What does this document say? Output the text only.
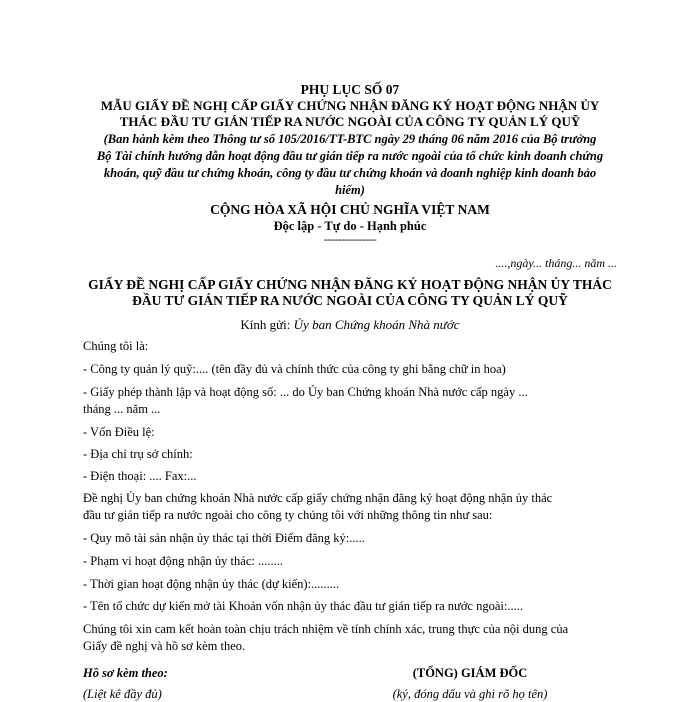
PHỤ LỤC SỐ 07
MẪU GIẤY ĐỀ NGHỊ CẤP GIẤY CHỨNG NHẬN ĐĂNG KÝ HOẠT ĐỘNG NHẬN ỦY
THÁC ĐẦU TƯ GIÁN TIẾP RA NƯỚC NGOÀI CỦA CÔNG TY QUẢN LÝ QUỸ
(Ban hành kèm theo Thông tư số 105/2016/TT-BTC ngày 29 tháng 06 năm 2016 của Bộ trưởng
Bộ Tài chính hướng dẫn hoạt động đầu tư gián tiếp ra nước ngoài của tổ chức kinh doanh chứng
khoán, quỹ đầu tư chứng khoán, công ty đầu tư chứng khoán và doanh nghiệp kinh doanh bảo
hiểm)
CỘNG HÒA XÃ HỘI CHỦ NGHĨA VIỆT NAM
Độc lập - Tự do - Hạnh phúc
---------------
....,ngày... tháng... năm ...
GIẤY ĐỀ NGHỊ CẤP GIẤY CHỨNG NHẬN ĐĂNG KÝ HOẠT ĐỘNG NHẬN ỦY THÁC
ĐẦU TƯ GIÁN TIẾP RA NƯỚC NGOÀI CỦA CÔNG TY QUẢN LÝ QUỸ
Kính gửi: Ủy ban Chứng khoán Nhà nước
Chúng tôi là:
- Công ty quản lý quỹ:.... (tên đầy đủ và chính thức của công ty ghi bằng chữ in hoa)
- Giấy phép thành lập và hoạt động số: ... do Ủy ban Chứng khoán Nhà nước cấp ngày ...
tháng ... năm ...
- Vốn Điều lệ:
- Địa chỉ trụ sở chính:
- Điện thoại: .... Fax:...
Đề nghị Ủy ban chứng khoán Nhà nước cấp giấy chứng nhận đăng ký hoạt động nhận ủy thác
đầu tư gián tiếp ra nước ngoài cho công ty chúng tôi với những thông tin như sau:
- Quy mô tài sản nhận ủy thác tại thời Điểm đăng ký:.....
- Phạm vi hoạt động nhận ủy thác: ........
- Thời gian hoạt động nhận ủy thác (dự kiến):.........
- Tên tổ chức dự kiến mở tài Khoản vốn nhận ủy thác đầu tư gián tiếp ra nước ngoài:.....
Chúng tôi xin cam kết hoàn toàn chịu trách nhiệm về tính chính xác, trung thực của nội dung của
Giấy đề nghị và hồ sơ kèm theo.
Hồ sơ kèm theo:
(Liệt kê đầy đủ)
(TỔNG) GIÁM ĐỐC
(ký, đóng dấu và ghi rõ họ tên)
